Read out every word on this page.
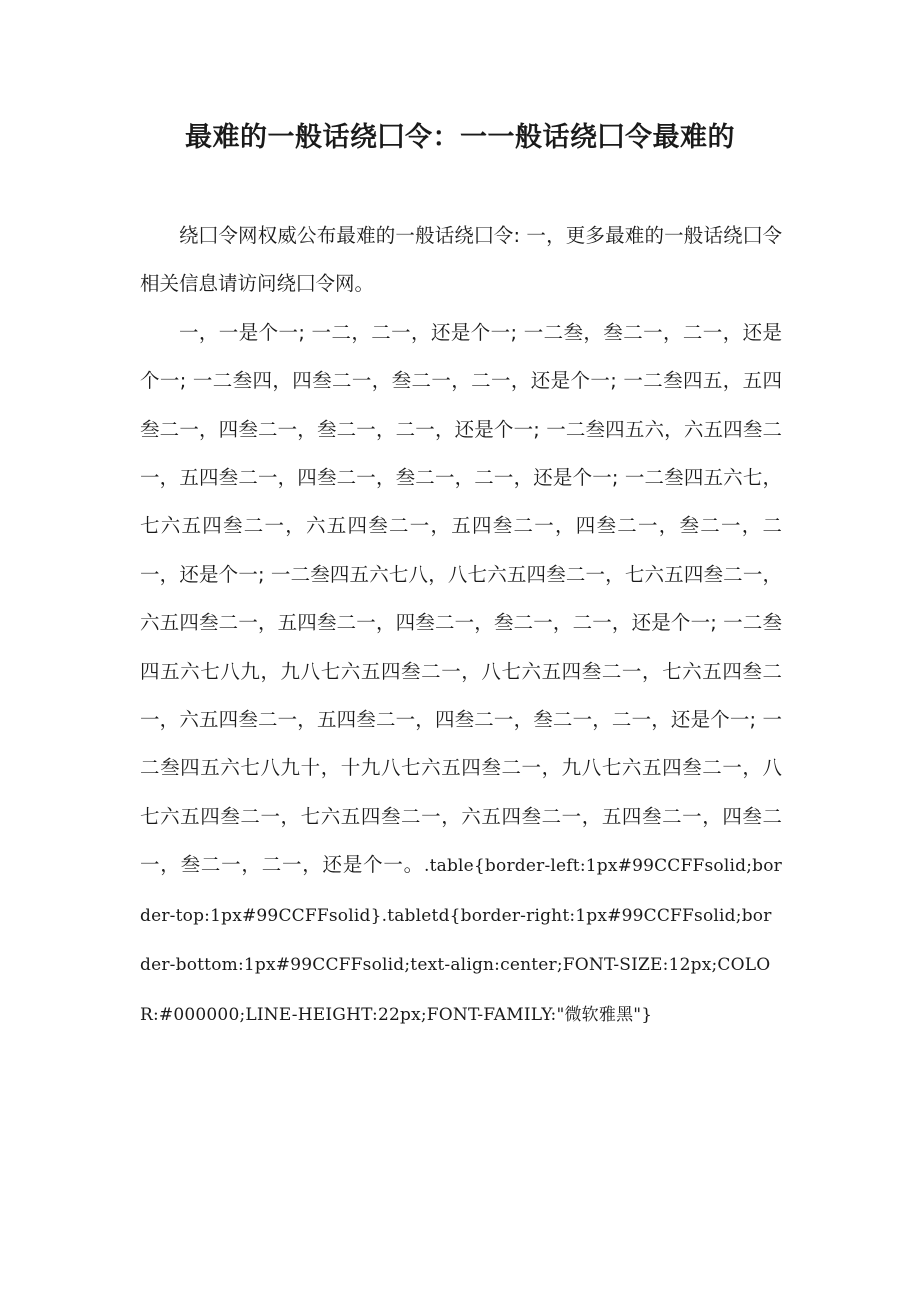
最难的一般话绕囗令：一一般话绕囗令最难的

绕囗令网权威公布最难的一般话绕囗令: 一，更多最难的一般话绕囗令相关信息请访问绕囗令网。

一，一是个一; 一二，二一，还是个一; 一二叁，叁二一，二一，还是个一; 一二叁四，四叁二一，叁二一，二一，还是个一; 一二叁四五，五四叁二一，四叁二一，叁二一，二一，还是个一; 一二叁四五六，六五四叁二一，五四叁二一，四叁二一，叁二一，二一，还是个一; 一二叁四五六七，七六五四叁二一，六五四叁二一，五四叁二一，四叁二一，叁二一，二一，还是个一; 一二叁四五六七八，八七六五四叁二一，七六五四叁二一，六五四叁二一，五四叁二一，四叁二一，叁二一，二一，还是个一; 一二叁四五六七八九，九八七六五四叁二一，八七六五四叁二一，七六五四叁二一，六五四叁二一，五四叁二一，四叁二一，叁二一，二一，还是个一; 一二叁四五六七八九十，十九八七六五四叁二一，九八七六五四叁二一，八七六五四叁二一，七六五四叁二一，六五四叁二一，五四叁二一，四叁二一，叁二一，二一，还是个一。.table{border-left:1px#99CCFFsolid;border-top:1px#99CCFFsolid}.tabletd{border-right:1px#99CCFFsolid;border-bottom:1px#99CCFFsolid;text-align:center;FONT-SIZE:12px;COLOR:#000000;LINE-HEIGHT:22px;FONT-FAMILY:"微软雅黑"}
